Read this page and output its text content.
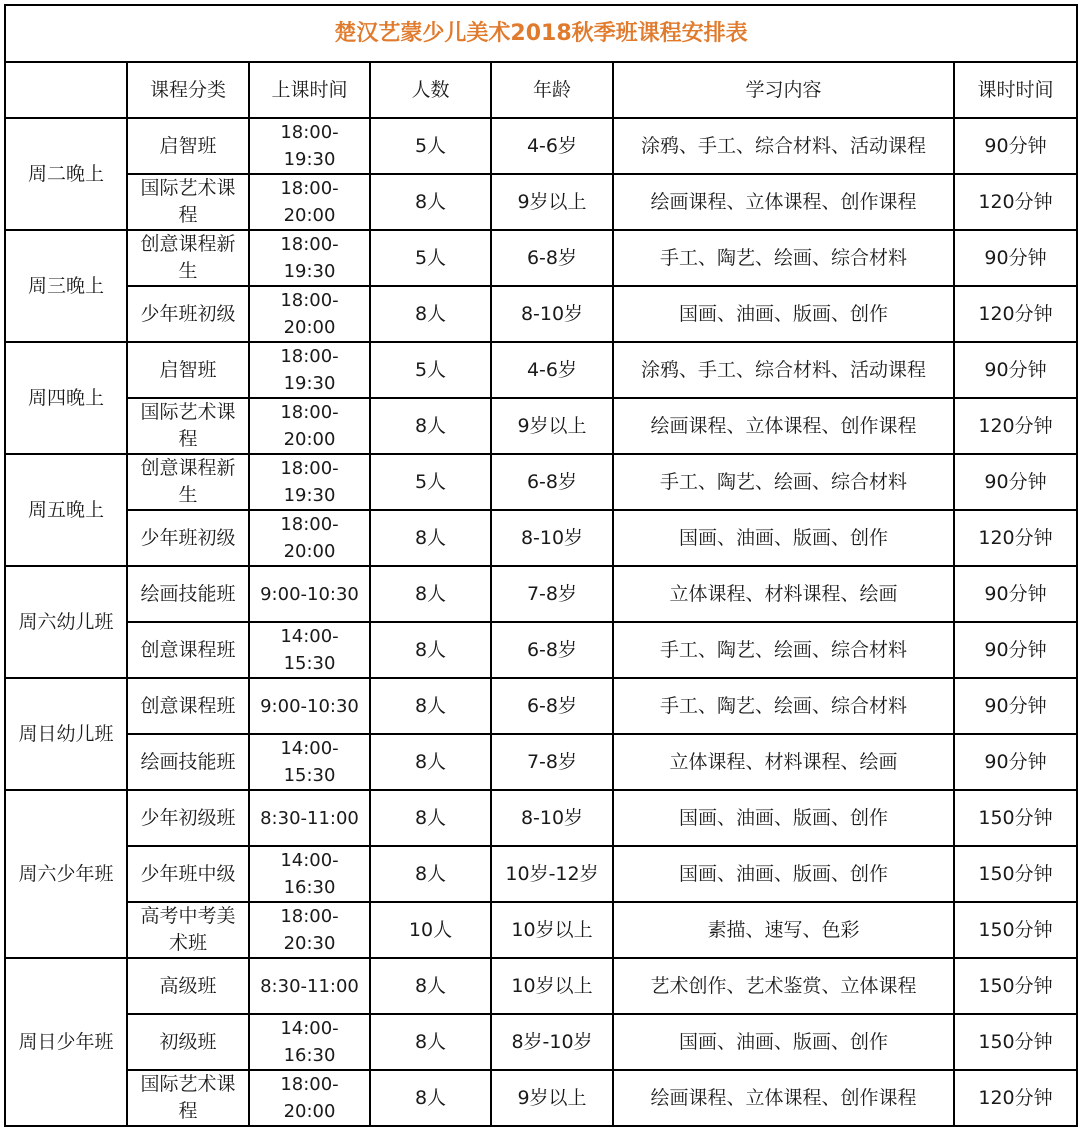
楚汉艺蒙少儿美术2018秋季班课程安排表						
	课程分类	上课时间	人数	年龄	学习内容	课时时间
周二晚上	启智班	18:00-19:30	5人	4-6岁	涂鸦、手工、综合材料、活动课程	90分钟
	国际艺术课程	18:00-20:00	8人	9岁以上	绘画课程、立体课程、创作课程	120分钟
周三晚上	创意课程新生	18:00-19:30	5人	6-8岁	手工、陶艺、绘画、综合材料	90分钟
	少年班初级	18:00-20:00	8人	8-10岁	国画、油画、版画、创作	120分钟
周四晚上	启智班	18:00-19:30	5人	4-6岁	涂鸦、手工、综合材料、活动课程	90分钟
	国际艺术课程	18:00-20:00	8人	9岁以上	绘画课程、立体课程、创作课程	120分钟
周五晚上	创意课程新生	18:00-19:30	5人	6-8岁	手工、陶艺、绘画、综合材料	90分钟
	少年班初级	18:00-20:00	8人	8-10岁	国画、油画、版画、创作	120分钟
周六幼儿班	绘画技能班	9:00-10:30	8人	7-8岁	立体课程、材料课程、绘画	90分钟
	创意课程班	14:00-15:30	8人	6-8岁	手工、陶艺、绘画、综合材料	90分钟
周日幼儿班	创意课程班	9:00-10:30	8人	6-8岁	手工、陶艺、绘画、综合材料	90分钟
	绘画技能班	14:00-15:30	8人	7-8岁	立体课程、材料课程、绘画	90分钟
周六少年班	少年初级班	8:30-11:00	8人	8-10岁	国画、油画、版画、创作	150分钟
	少年班中级	14:00-16:30	8人	10岁-12岁	国画、油画、版画、创作	150分钟
	高考中考美术班	18:00-20:30	10人	10岁以上	素描、速写、色彩	150分钟
周日少年班	高级班	8:30-11:00	8人	10岁以上	艺术创作、艺术鉴赏、立体课程	150分钟
	初级班	14:00-16:30	8人	8岁-10岁	国画、油画、版画、创作	150分钟
	国际艺术课程	18:00-20:00	8人	9岁以上	绘画课程、立体课程、创作课程	120分钟
